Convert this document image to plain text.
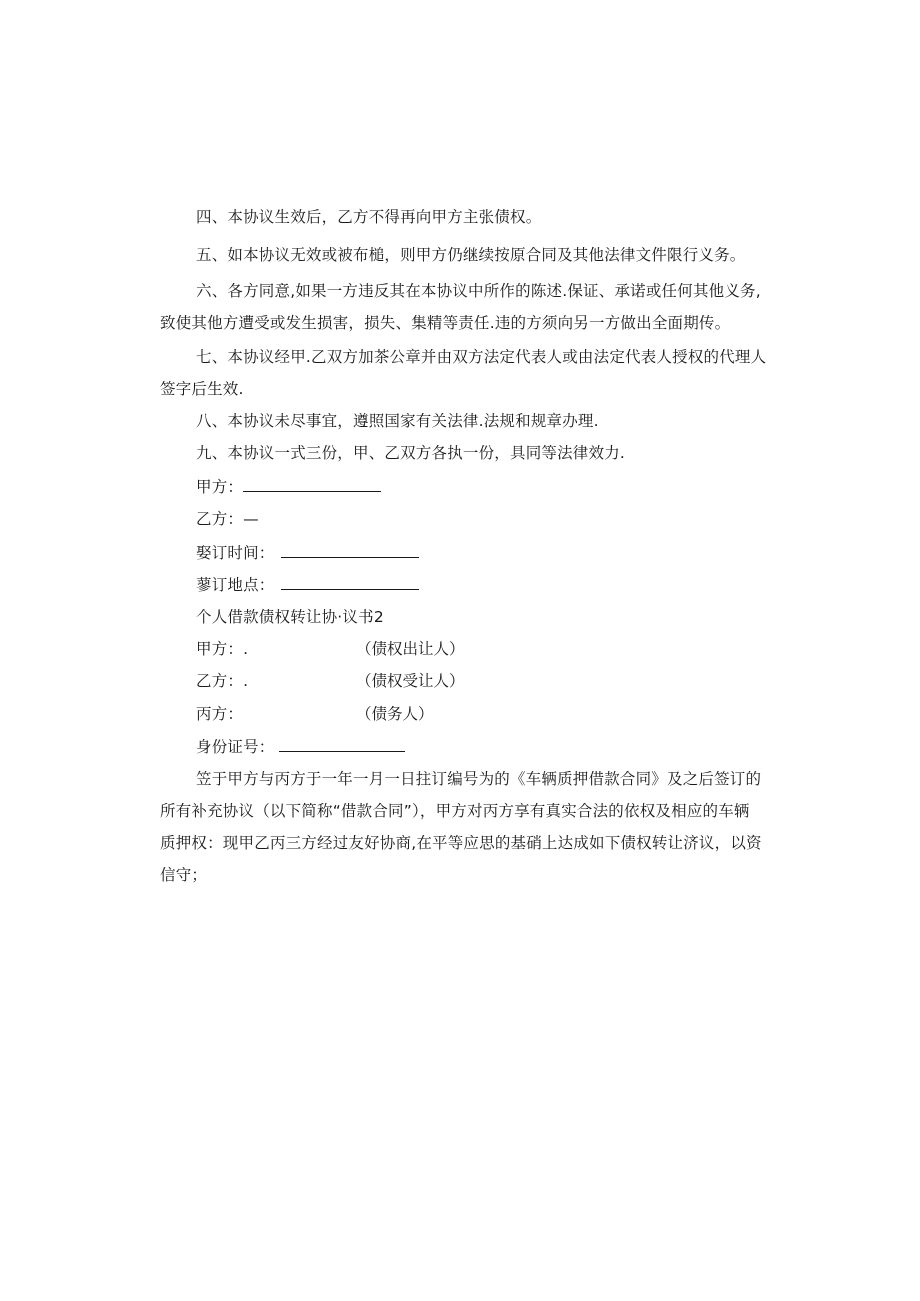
四、本协议生效后，乙方不得再向甲方主张债权。
五、如本协议无效或被布槌，则甲方仍继续按原合同及其他法律文件限行义务。
六、各方同意,如果一方违反其在本协议中所作的陈述.保证、承诺或任何其他义务,
致使其他方遭受或发生损害，损失、集精等责任.违的方须向另一方做出全面期传。
七、本协议经甲.乙双方加茶公章并由双方法定代表人或由法定代表人授权的代理人
签字后生效.
八、本协议未尽事宜，遵照国家有关法律.法规和规章办理.
九、本协议一式三份，甲、乙双方各执一份，具同等法律效力.
甲方：
乙方：—
娶订时间：
蓼订地点：
个人借款债权转让协·议书2
甲方：.	（债权出让人）
乙方：.	（债权受让人）
丙方：	（债务人）
身份证号：
笠于甲方与丙方于一年一月一日拄订编号为的《车辆质押借款合同》及之后签订的
所有补充协议（以下简称“借款合同”），甲方对丙方享有真实合法的依权及相应的车辆
质押权：现甲乙丙三方经过友好协商,在平等应思的基硝上达成如下债权转让济议，以资
信守；
